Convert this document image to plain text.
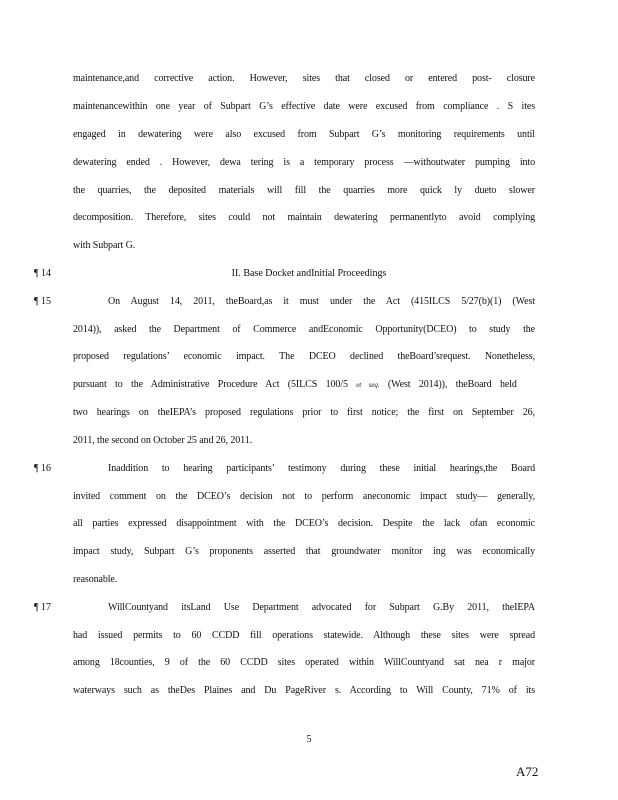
maintenance,and corrective action. However, sites that closed or entered post- closure
maintenancewithin one year of Subpart G’s effective date were excused from compliance . S ites
engaged in dewatering were also excused from Subpart G’s monitoring requirements until
dewatering ended . However, dewa tering is a temporary process —withoutwater pumping into
the quarries, the deposited materials will fill the quarries more quick ly dueto slower
decomposition. Therefore, sites could not maintain dewatering permanentlyto avoid complying
with Subpart G.
¶ 14	II. Base Docket andInitial Proceedings
¶ 15	On August 14, 2011, theBoard,as it must under the Act (415ILCS 5/27(b)(1) (West
2014)), asked the Department of Commerce andEconomic Opportunity(DCEO) to study the
proposed regulations’ economic impact. The DCEO declined theBoard’srequest. Nonetheless,
pursuant to the Administrative Procedure Act (5ILCS 100/5 et seq. (West 2014)), theBoard held
two hearings on theIEPA’s proposed regulations prior to first notice; the first on September 26,
2011, the second on October 25 and 26, 2011.
¶ 16	Inaddition to hearing participants’ testimony during these initial hearings,the Board
invited comment on the DCEO’s decision not to perform aneconomic impact study— generally,
all parties expressed disappointment with the DCEO’s decision. Despite the lack ofan economic
impact study, Subpart G’s proponents asserted that groundwater monitor ing was economically
reasonable.
¶ 17	WillCountyand itsLand Use Department advocated for Subpart G.By 2011, theIEPA
had issued permits to 60 CCDD fill operations statewide. Although these sites were spread
among 18counties, 9 of the 60 CCDD sites operated within WillCountyand sat nea r major
waterways such as theDes Plaines and Du PageRiver s. According to Will County, 71% of its
5
A72
